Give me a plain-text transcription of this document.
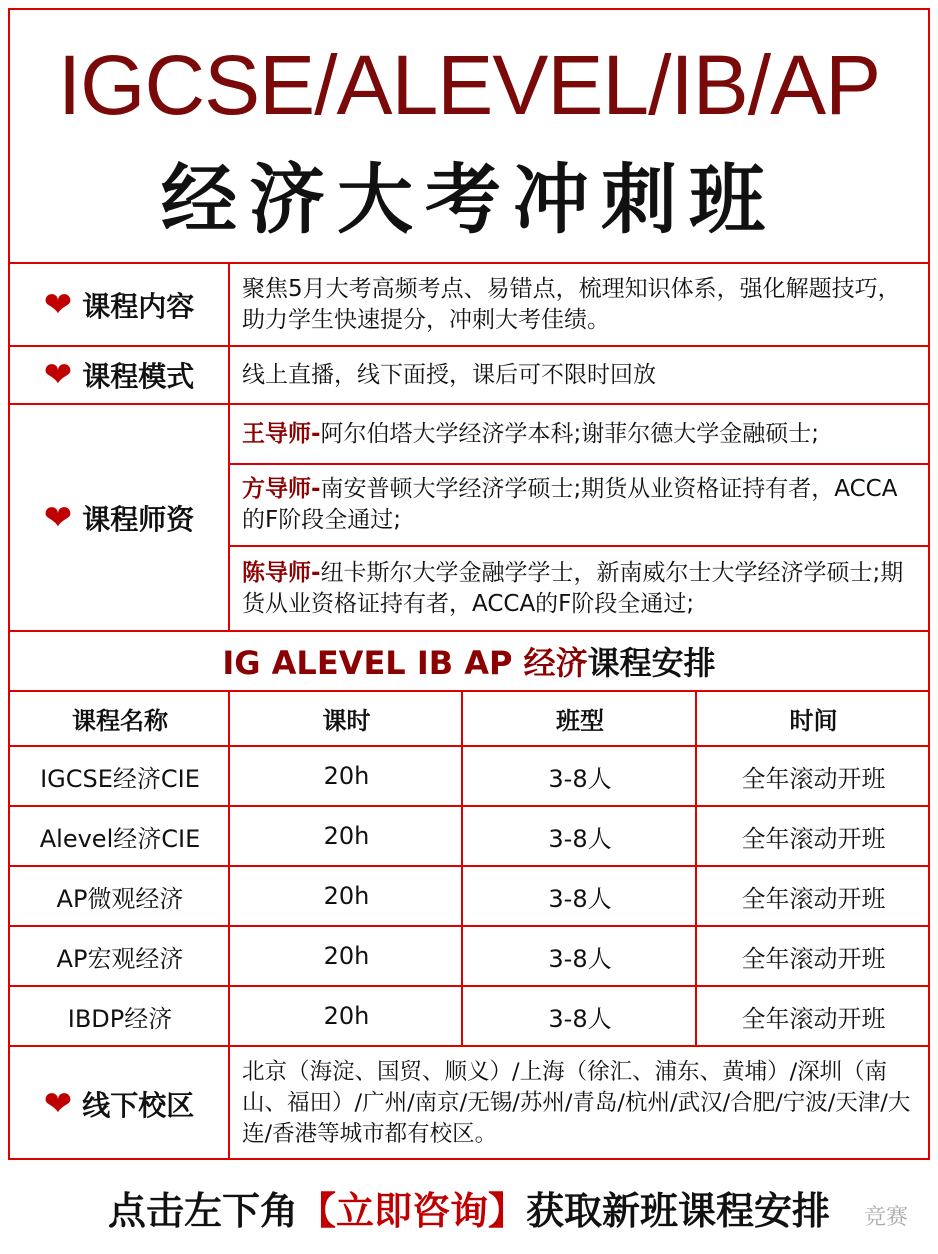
IGCSE/ALEVEL/IB/AP
经济大考冲刺班
❤ 课程内容
聚焦5月大考高频考点、易错点，梳理知识体系，强化解题技巧，助力学生快速提分，冲刺大考佳绩。
❤ 课程模式 线上直播，线下面授，课后可不限时回放
❤ 课程师资
王导师-阿尔伯塔大学经济学本科;谢菲尔德大学金融硕士;
方导师-南安普顿大学经济学硕士;期货从业资格证持有者，ACCA的F阶段全通过;
陈导师-纽卡斯尔大学金融学学士，新南威尔士大学经济学硕士;期货从业资格证持有者，ACCA的F阶段全通过;
IG ALEVEL IB AP 经济 课程安排
课程名称	课时	班型	时间
IGCSE经济CIE	20h	3-8人	全年滚动开班
Alevel经济CIE	20h	3-8人	全年滚动开班
AP微观经济	20h	3-8人	全年滚动开班
AP宏观经济	20h	3-8人	全年滚动开班
IBDP经济	20h	3-8人	全年滚动开班
❤ 线下校区
北京（海淀、国贸、顺义）/上海（徐汇、浦东、黄埔）/深圳（南山、福田）/广州/南京/无锡/苏州/青岛/杭州/武汉/合肥/宁波/天津/大连/香港等城市都有校区。
点击左下角【立即咨询】获取新班课程安排	竞赛
